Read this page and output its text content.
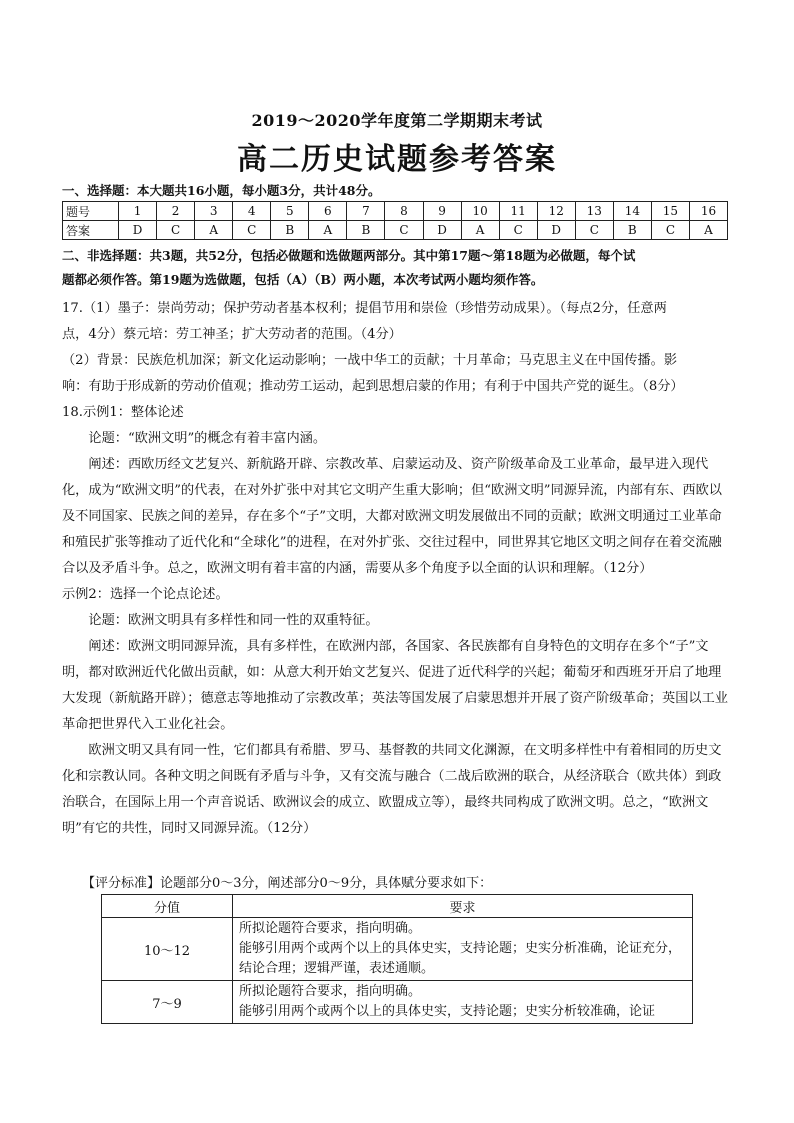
2019～2020学年度第二学期期末考试
高二历史试题参考答案
一、选择题：本大题共16小题，每小题3分，共计48分。
题号	1	2	3	4	5	6	7	8	9	10	11	12	13	14	15	16
答案	D	C	A	C	B	A	B	C	D	A	C	D	C	B	C	A
二、非选择题：共3题，共52分，包括必做题和选做题两部分。其中第17题～第18题为必做题，每个试
题都必须作答。第19题为选做题，包括（A）（B）两小题，本次考试两小题均须作答。

17.（1）墨子：崇尚劳动；保护劳动者基本权利；提倡节用和崇俭（珍惜劳动成果）。（每点2分，任意两

点，4分）蔡元培：劳工神圣；扩大劳动者的范围。（4分）

（2）背景：民族危机加深；新文化运动影响；一战中华工的贡献；十月革命；马克思主义在中国传播。影

响：有助于形成新的劳动价值观；推动劳工运动，起到思想启蒙的作用；有利于中国共产党的诞生。（8分）

18.示例1：整体论述

论题：“欧洲文明”的概念有着丰富内涵。

阐述：西欧历经文艺复兴、新航路开辟、宗教改革、启蒙运动及、资产阶级革命及工业革命，最早进入现代化，成为“欧洲文明”的代表，在对外扩张中对其它文明产生重大影响；但“欧洲文明”同源异流，内部有东、西欧以及不同国家、民族之间的差异，存在多个“子”文明，大都对欧洲文明发展做出不同的贡献；欧洲文明通过工业革命和殖民扩张等推动了近代化和“全球化”的进程，在对外扩张、交往过程中，同世界其它地区文明之间存在着交流融合以及矛盾斗争。总之，欧洲文明有着丰富的内涵，需要从多个角度予以全面的认识和理解。（12分）

示例2：选择一个论点论述。

论题：欧洲文明具有多样性和同一性的双重特征。

阐述：欧洲文明同源异流，具有多样性，在欧洲内部，各国家、各民族都有自身特色的文明存在多个“子”文明，都对欧洲近代化做出贡献，如：从意大利开始文艺复兴、促进了近代科学的兴起；葡萄牙和西班牙开启了地理大发现（新航路开辟）；德意志等地推动了宗教改革；英法等国发展了启蒙思想并开展了资产阶级革命；英国以工业革命把世界代入工业化社会。

欧洲文明又具有同一性，它们都具有希腊、罗马、基督教的共同文化渊源，在文明多样性中有着相同的历史文化和宗教认同。各种文明之间既有矛盾与斗争，又有交流与融合（二战后欧洲的联合，从经济联合（欧共体）到政治联合，在国际上用一个声音说话、欧洲议会的成立、欧盟成立等），最终共同构成了欧洲文明。总之，“欧洲文明”有它的共性，同时又同源异流。（12分）

【评分标准】论题部分0～3分，阐述部分0～9分，具体赋分要求如下：
分值	要求
10～12	所拟论题符合要求，指向明确。
能够引用两个或两个以上的具体史实，支持论题；史实分析准确，论证充分，结论合理；逻辑严谨，表述通顺。

7～9	所拟论题符合要求，指向明确。
能够引用两个或两个以上的具体史实，支持论题；史实分析较准确，论证
